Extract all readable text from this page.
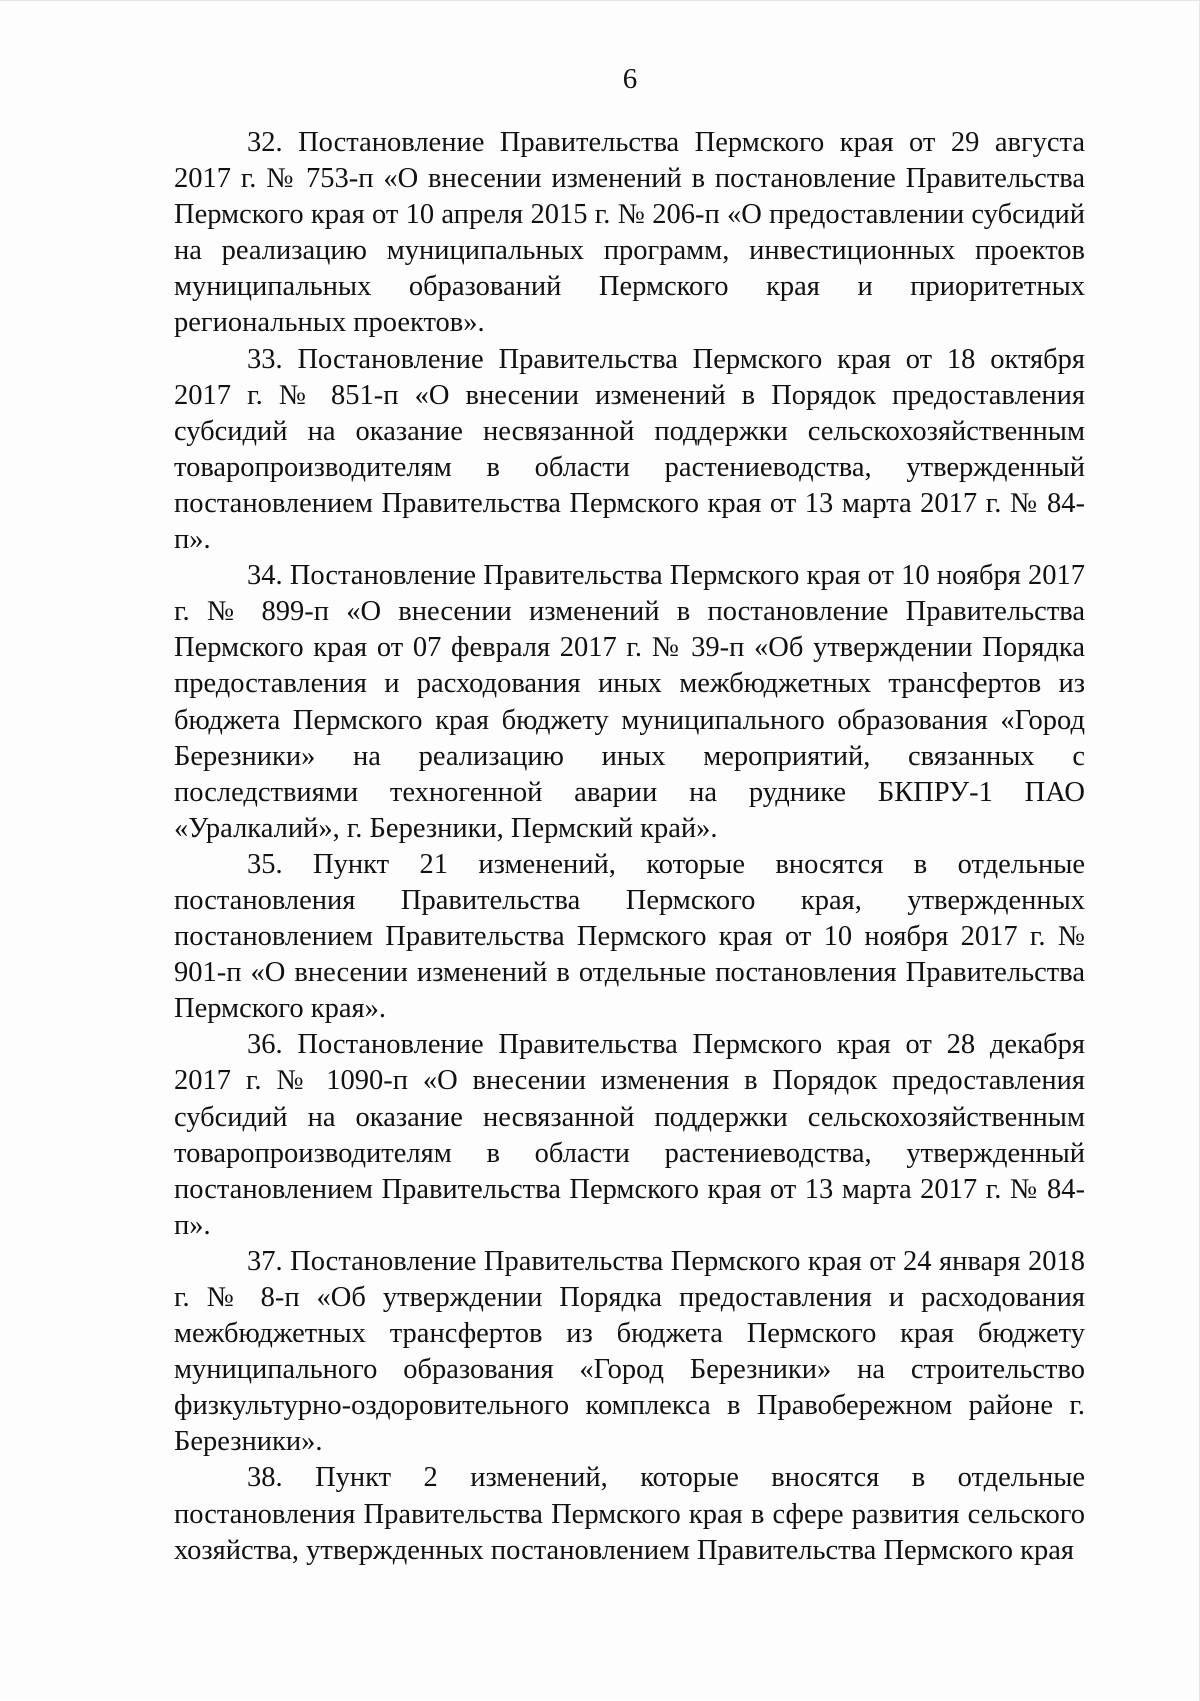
6

32. Постановление Правительства Пермского края от 29 августа 2017 г. № 753-п «О внесении изменений в постановление Правительства Пермского края от 10 апреля 2015 г. № 206-п «О предоставлении субсидий на реализацию муниципальных программ, инвестиционных проектов муниципальных образований Пермского края и приоритетных региональных проектов».

33. Постановление Правительства Пермского края от 18 октября 2017 г. № 851-п «О внесении изменений в Порядок предоставления субсидий на оказание несвязанной поддержки сельскохозяйственным товаропроизводителям в области растениеводства, утвержденный постановлением Правительства Пермского края от 13 марта 2017 г. № 84-п».

34. Постановление Правительства Пермского края от 10 ноября 2017 г. № 899-п «О внесении изменений в постановление Правительства Пермского края от 07 февраля 2017 г. № 39-п «Об утверждении Порядка предоставления и расходования иных межбюджетных трансфертов из бюджета Пермского края бюджету муниципального образования «Город Березники» на реализацию иных мероприятий, связанных с последствиями техногенной аварии на руднике БКПРУ-1 ПАО «Уралкалий», г. Березники, Пермский край».

35. Пункт 21 изменений, которые вносятся в отдельные постановления Правительства Пермского края, утвержденных постановлением Правительства Пермского края от 10 ноября 2017 г. № 901-п «О внесении изменений в отдельные постановления Правительства Пермского края».

36. Постановление Правительства Пермского края от 28 декабря 2017 г. № 1090-п «О внесении изменения в Порядок предоставления субсидий на оказание несвязанной поддержки сельскохозяйственным товаропроизводителям в области растениеводства, утвержденный постановлением Правительства Пермского края от 13 марта 2017 г. № 84-п».

37. Постановление Правительства Пермского края от 24 января 2018 г. № 8-п «Об утверждении Порядка предоставления и расходования межбюджетных трансфертов из бюджета Пермского края бюджету муниципального образования «Город Березники» на строительство физкультурно-оздоровительного комплекса в Правобережном районе г. Березники».

38. Пункт 2 изменений, которые вносятся в отдельные постановления Правительства Пермского края в сфере развития сельского хозяйства, утвержденных постановлением Правительства Пермского края
